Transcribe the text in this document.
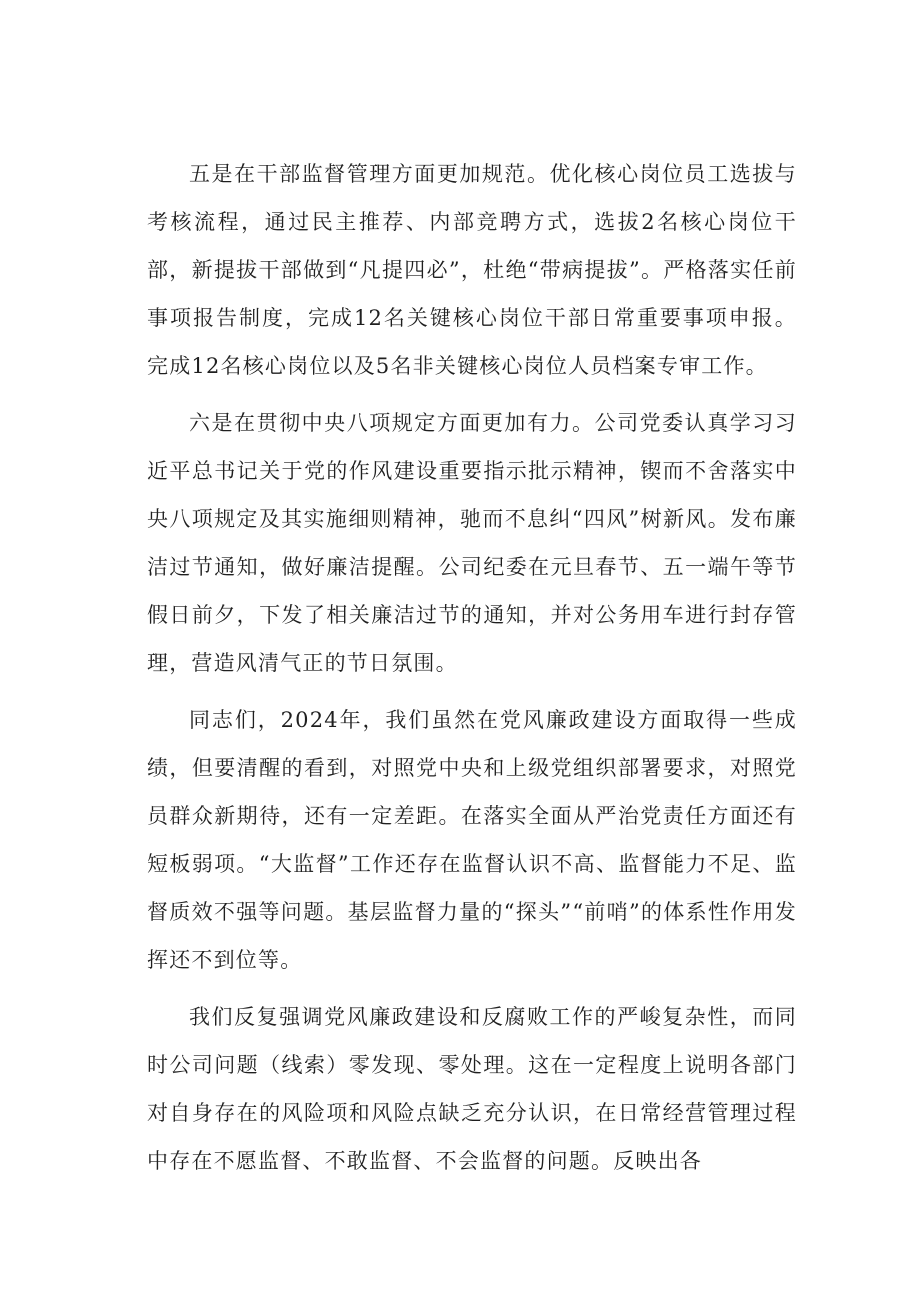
五是在干部监督管理方面更加规范。优化核心岗位员工选拔与考核流程，通过民主推荐、内部竞聘方式，选拔2名核心岗位干部，新提拔干部做到“凡提四必”，杜绝“带病提拔”。严格落实任前事项报告制度，完成12名关键核心岗位干部日常重要事项申报。完成12名核心岗位以及5名非关键核心岗位人员档案专审工作。

六是在贯彻中央八项规定方面更加有力。公司党委认真学习习近平总书记关于党的作风建设重要指示批示精神，锲而不舍落实中央八项规定及其实施细则精神，驰而不息纠“四风”树新风。发布廉洁过节通知，做好廉洁提醒。公司纪委在元旦春节、五一端午等节假日前夕，下发了相关廉洁过节的通知，并对公务用车进行封存管理，营造风清气正的节日氛围。

同志们，2024年，我们虽然在党风廉政建设方面取得一些成绩，但要清醒的看到，对照党中央和上级党组织部署要求，对照党员群众新期待，还有一定差距。在落实全面从严治党责任方面还有短板弱项。“大监督”工作还存在监督认识不高、监督能力不足、监督质效不强等问题。基层监督力量的“探头”“前哨”的体系性作用发挥还不到位等。

我们反复强调党风廉政建设和反腐败工作的严峻复杂性，而同时公司问题（线索）零发现、零处理。这在一定程度上说明各部门对自身存在的风险项和风险点缺乏充分认识，在日常经营管理过程中存在不愿监督、不敢监督、不会监督的问题。反映出各
